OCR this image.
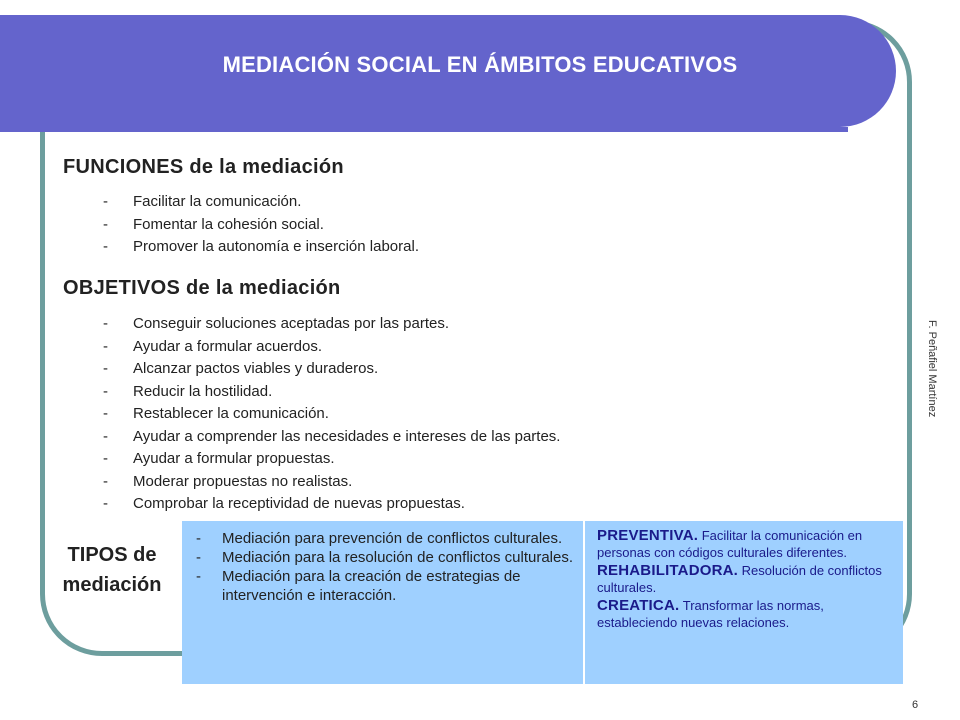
MEDIACIÓN SOCIAL EN ÁMBITOS EDUCATIVOS
FUNCIONES de la mediación
- Facilitar la comunicación.
- Fomentar la cohesión social.
- Promover la autonomía e inserción laboral.
OBJETIVOS de la mediación
- Conseguir soluciones aceptadas por las partes.
- Ayudar a formular acuerdos.
- Alcanzar pactos viables y duraderos.
- Reducir la hostilidad.
- Restablecer la comunicación.
- Ayudar a comprender las necesidades e intereses de las partes.
- Ayudar a formular propuestas.
- Moderar propuestas no realistas.
- Comprobar la receptividad de nuevas propuestas.
TIPOS de
mediación
- Mediación para prevención de conflictos culturales.
- Mediación para la resolución de conflictos culturales.
- Mediación para la creación de estrategias de intervención e interacción.

PREVENTIVA. Facilitar la comunicación en personas con códigos culturales diferentes.

REHABILITADORA. Resolución de conflictos culturales.

CREATICA. Transformar las normas, estableciendo nuevas relaciones.

F. Peñafiel Martínez
6
